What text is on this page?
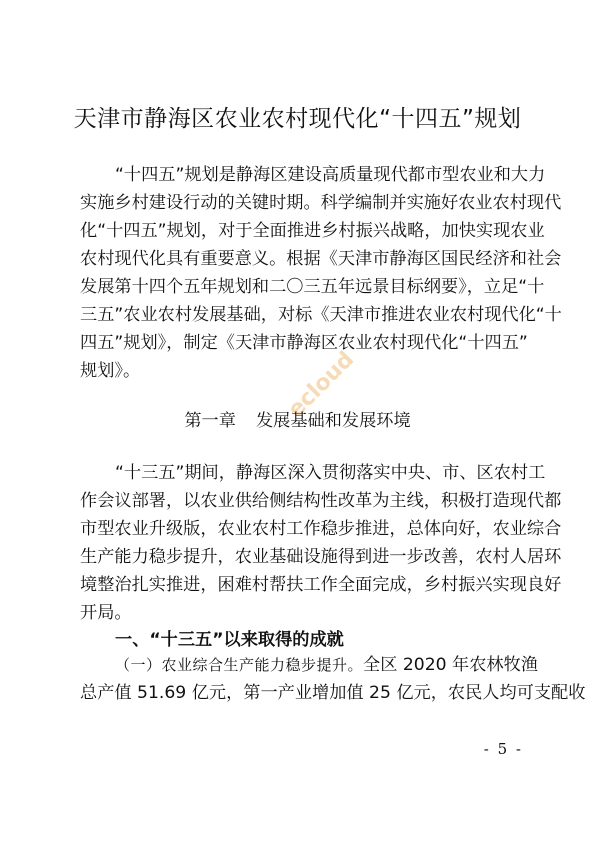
天津市静海区农业农村现代化“十四五”规划
“十四五”规划是静海区建设高质量现代都市型农业和大力
实施乡村建设行动的关键时期。科学编制并实施好农业农村现代
化“十四五”规划，对于全面推进乡村振兴战略，加快实现农业
农村现代化具有重要意义。根据《天津市静海区国民经济和社会
发展第十四个五年规划和二〇三五年远景目标纲要》，立足“十
三五”农业农村发展基础，对标《天津市推进农业农村现代化“十
四五”规划》，制定《天津市静海区农业农村现代化“十四五”
规划》。	ecloud
第一章 发展基础和发展环境
“十三五”期间，静海区深入贯彻落实中央、市、区农村工
作会议部署，以农业供给侧结构性改革为主线，积极打造现代都
市型农业升级版，农业农村工作稳步推进，总体向好，农业综合
生产能力稳步提升，农业基础设施得到进一步改善，农村人居环
境整治扎实推进，困难村帮扶工作全面完成，乡村振兴实现良好
开局。
一、“十三五”以来取得的成就
（一）农业综合生产能力稳步提升。全区 2020 年农林牧渔
总产值 51.69 亿元，第一产业增加值 25 亿元，农民人均可支配收
- 5 -
